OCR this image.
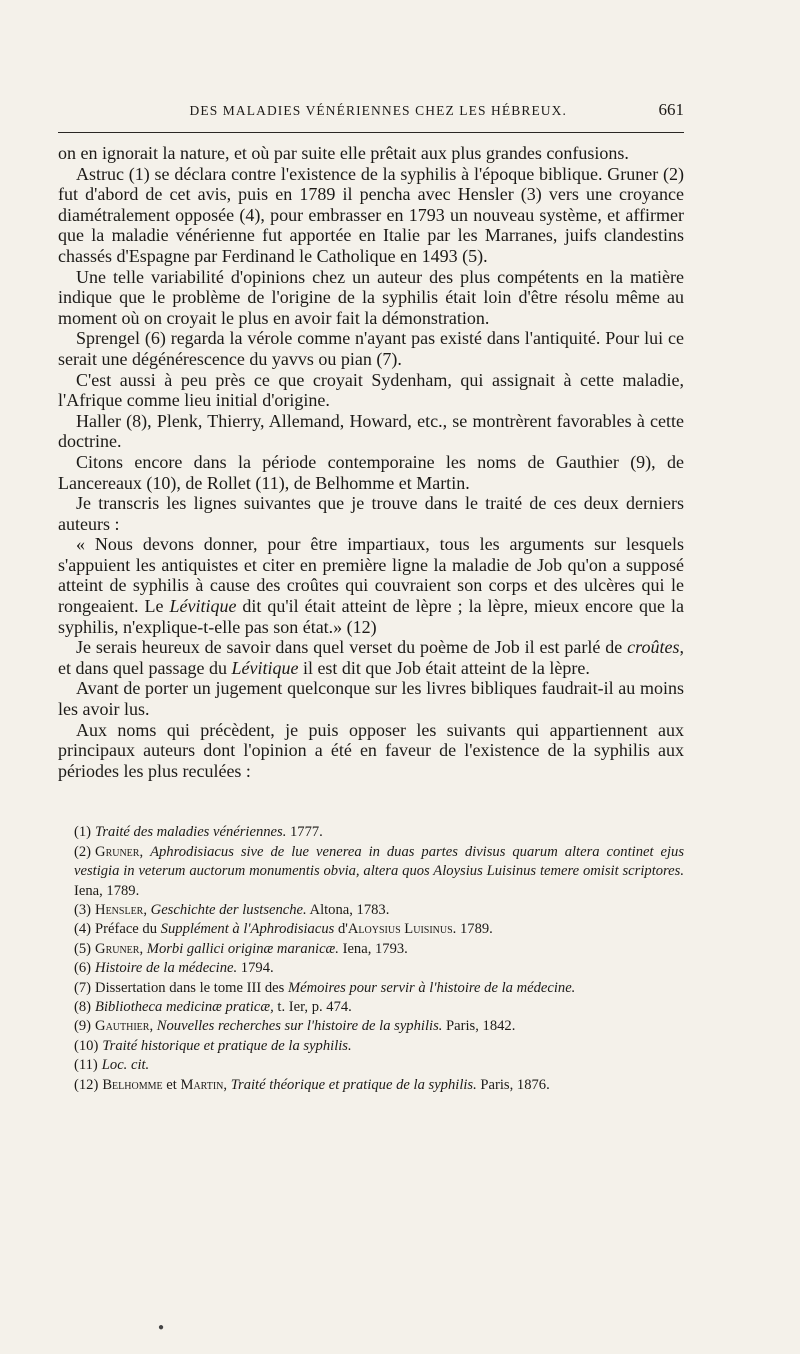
DES MALADIES VÉNÉRIENNES CHEZ LES HÉBREUX.	661

on en ignorait la nature, et où par suite elle prêtait aux plus grandes confusions.

Astruc (1) se déclara contre l'existence de la syphilis à l'époque biblique. Gruner (2) fut d'abord de cet avis, puis en 1789 il pencha avec Hensler (3) vers une croyance diamétralement opposée (4), pour embrasser en 1793 un nouveau système, et affirmer que la maladie vénérienne fut apportée en Italie par les Marranes, juifs clandestins chassés d'Espagne par Ferdinand le Catholique en 1493 (5).

Une telle variabilité d'opinions chez un auteur des plus compétents en la matière indique que le problème de l'origine de la syphilis était loin d'être résolu même au moment où on croyait le plus en avoir fait la démonstration.

Sprengel (6) regarda la vérole comme n'ayant pas existé dans l'antiquité. Pour lui ce serait une dégénérescence du yavvs ou pian (7).

C'est aussi à peu près ce que croyait Sydenham, qui assignait à cette maladie, l'Afrique comme lieu initial d'origine.

Haller (8), Plenk, Thierry, Allemand, Howard, etc., se montrèrent favorables à cette doctrine.

Citons encore dans la période contemporaine les noms de Gauthier (9), de Lancereaux (10), de Rollet (11), de Belhomme et Martin.

Je transcris les lignes suivantes que je trouve dans le traité de ces deux derniers auteurs :

« Nous devons donner, pour être impartiaux, tous les arguments sur lesquels s'appuient les antiquistes et citer en première ligne la maladie de Job qu'on a supposé atteint de syphilis à cause des croûtes qui couvraient son corps et des ulcères qui le rongeaient. Le Lévitique dit qu'il était atteint de lèpre ; la lèpre, mieux encore que la syphilis, n'explique-t-elle pas son état.» (12)

Je serais heureux de savoir dans quel verset du poème de Job il est parlé de croûtes, et dans quel passage du Lévitique il est dit que Job était atteint de la lèpre.

Avant de porter un jugement quelconque sur les livres bibliques faudrait-il au moins les avoir lus.

Aux noms qui précèdent, je puis opposer les suivants qui appartiennent aux principaux auteurs dont l'opinion a été en faveur de l'existence de la syphilis aux périodes les plus reculées :

(1) Traité des maladies vénériennes. 1777.
(2) Gruner, Aphrodisiacus sive de lue venerea in duas partes divisus quarum altera continet ejus vestigia in veterum auctorum monumentis obvia, altera quos Aloysius Luisinus temere omisit scriptores. Iena, 1789.
(3) Hensler, Geschichte der lustsenche. Altona, 1783.
(4) Préface du Supplément à l'Aphrodisiacus d'Aloysius Luisinus. 1789.
(5) Gruner, Morbi gallici originæ maranicæ. Iena, 1793.
(6) Histoire de la médecine. 1794.
(7) Dissertation dans le tome III des Mémoires pour servir à l'histoire de la médecine.
(8) Bibliotheca medicinæ praticæ, t. Ier, p. 474.
(9) Gauthier, Nouvelles recherches sur l'histoire de la syphilis. Paris, 1842.
(10) Traité historique et pratique de la syphilis.
(11) Loc. cit.
(12) Belhomme et Martin, Traité théorique et pratique de la syphilis. Paris, 1876.
●
